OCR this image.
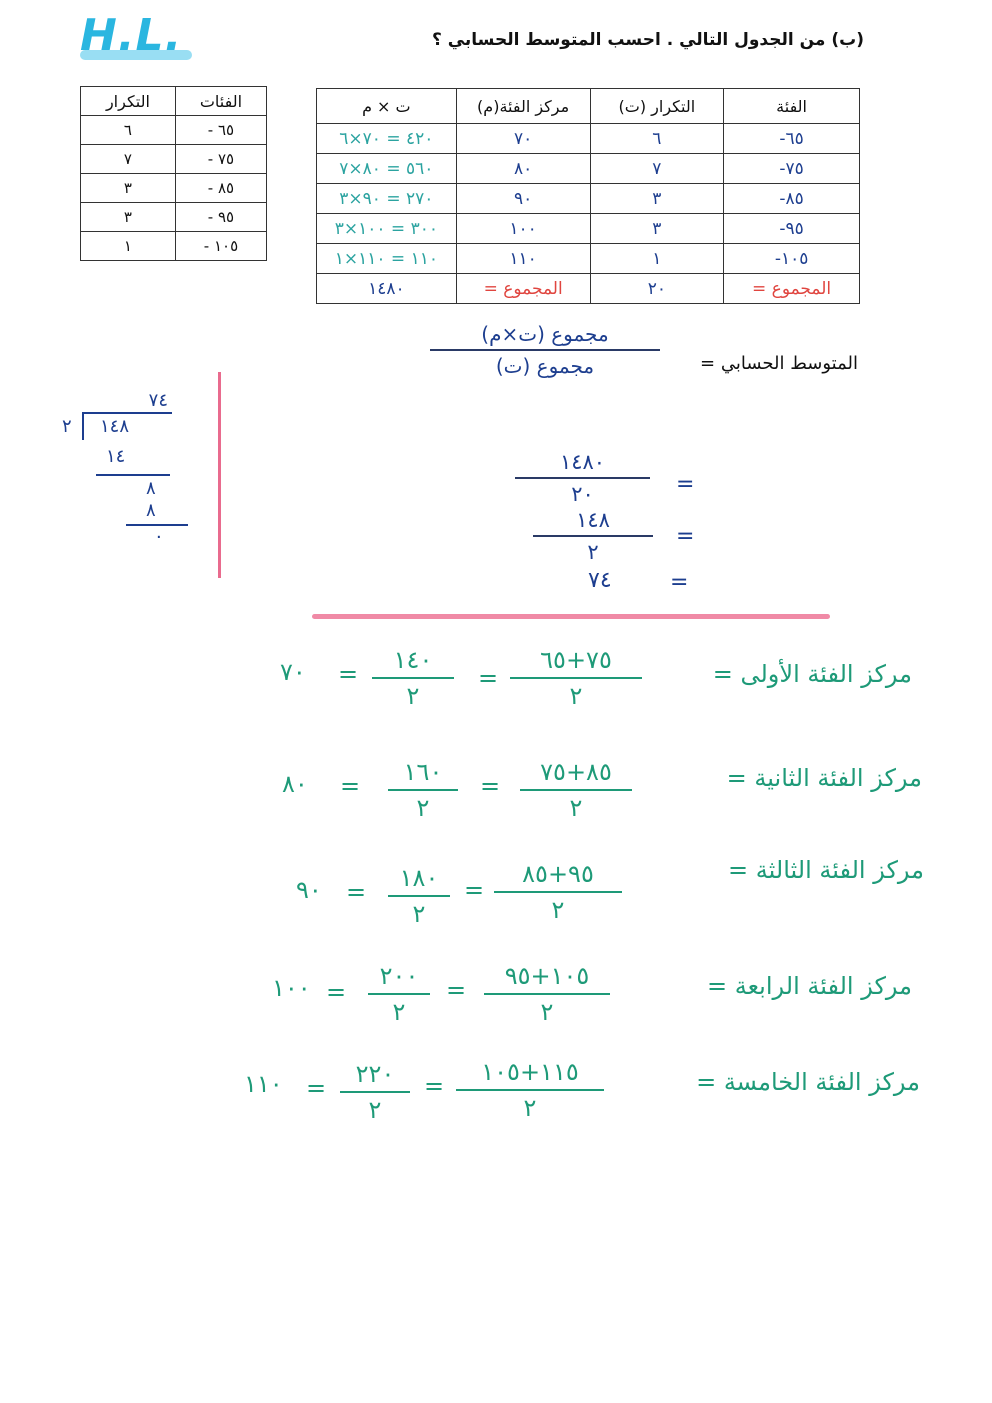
H.L.	(ب) من الجدول التالي . احسب المتوسط الحسابي ؟
الفئات	التكرار
٦٥ -	٦
٧٥ -	٧
٨٥ -	٣
٩٥ -	٣
١٠٥ -	١
الفئة	التكرار (ت)	مركز الفئة(م)	ت × م
٦٥-	٦	٧٠	٤٢٠ = ٧٠×٦
٧٥-	٧	٨٠	٥٦٠ = ٨٠×٧
٨٥-	٣	٩٠	٢٧٠ = ٩٠×٣
٩٥-	٣	١٠٠	٣٠٠ = ١٠٠×٣
١٠٥-	١	١١٠	١١٠ = ١١٠×١
المجموع =	٢٠	المجموع =	١٤٨٠
المتوسط الحسابي =
مجموع (ت×م)
مجموع (ت)
١٤٨٠
٢٠	=
١٤٨
٢
=
٧٤	=
٧٤
٢ ١٤٨
١٤
٨
٨
٠
مركز الفئة الأولى =
٧٥+٦٥
٢
=
١٤٠
٢
=
٧٠
مركز الفئة الثانية =
٨٥+٧٥
٢
=
١٦٠
٢
=
٨٠
مركز الفئة الثالثة =
٩٥+٨٥
٢
=
١٨٠
٢
=
٩٠
مركز الفئة الرابعة =
١٠٥+٩٥
٢
=
٢٠٠
٢
=
١٠٠
مركز الفئة الخامسة =
١١٥+١٠٥
٢
=
٢٢٠
٢
=
١١٠
